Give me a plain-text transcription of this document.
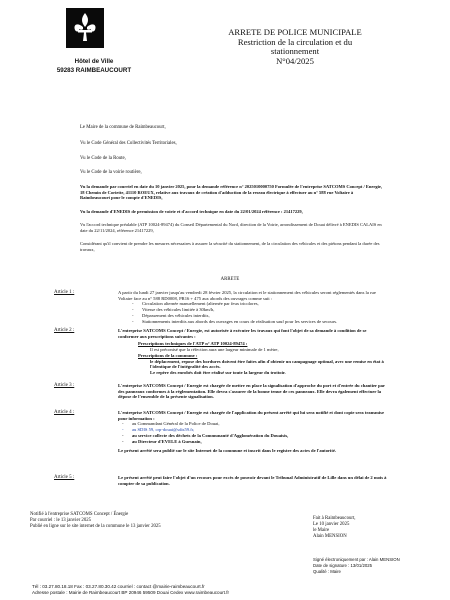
Hôtel de Ville
59283 RAIMBEAUCOURT
ARRETE DE POLICE MUNICIPALE
Restriction de la circulation et du
stationnement
N°04/2025
Le Maire de la commune de Raimbeaucourt,
Vu le Code Général des Collectivités Territoriales,
Vu le Code de la Route,
Vu le Code de la voirie routière,
Vu la demande par courriel en date du 10 janvier 2025, pour la demande référence n° 2025010000750 Formulée de l'entreprise SATCOMS Concept / Energie, 18 Chemin de Coriette, 41110 ROEUX, relative aux travaux de création d'adduction de la reseau électrique à effectuer au n° 588 rue Voltaire à Raimbeaucourt pour le compte d'ENEDIS,
Vu la demande d'ENEDIS de permission de voirie et d'accord technique en date du 22/01/2024 référence : 21417229,
Vu l'accord technique préalable (ATP 10024-89474) du Conseil Départemental du Nord, direction de la Voirie, arrondissement de Douai délivré à ENEDIS CALAIS en date du 22/11/2024, référence 21417229,
Considérant qu'il convient de prendre les mesures nécessaires à assurer la sécurité du stationnement, de la circulation des véhicules et des piétons pendant la durée des travaux,
ARRETE
Article 1 :	A partir du lundi 27 janvier jusqu'au vendredi 28 février 2025, la circulation et le stationnement des véhicules seront réglementés dans la rue Voltaire face au n° 588 RD0008, PR16 + 475 aux abords des ouvrages comme suit :
- Circulation alternée manuellement (alternée par feux tricolores,
- Vitesse des véhicules limitée à 30km/h,
- Dépassement des véhicules interdits,
- Stationnements interdits aux abords des ouvrages en cours de réalisation sauf pour les services de secours.
Article 2 :	L'entreprise SATCOMS Concept / Energie, est autorisée à exécuter les travaux qui font l'objet de sa demande à condition de se conformer aux prescriptions suivantes :
Prescriptions techniques de l'ATP n° ATP 10024-89474 :
Il est préconisé que la réfection aura une largeur minimale de 1 mètre,
Prescriptions de la commune :
le déplacement, repose des bordures doivent être faites afin d'obtenir un campagnage optimal, avec une remise en état à l'identique de l'intégralité des accès.
Le repère des enrobés doit être réalisé sur toute la largeur du trottoir.
Article 3 :	L'entreprise SATCOMS Concept / Energie est chargée de mettre en place la signalisation d'approche du port et d'entrée du chantier par des panneaux conformes à la réglementation. Elle devra s'assurer de la bonne tenue de ces panneaux. Elle devra également effectuer la dépose de l'ensemble de la présente signalisation.
Article 4 :	L'entreprise SATCOMS Concept / Energie est chargée de l'application du présent arrêté qui lui sera notifié et dont copie sera transmise pour information :
- au Commandant Général de la Police de Douai,
- au SDIS 59, crp-douai@sdis59.fr,
- au service collecte des déchets de la Communauté d'Agglomération du Douaisis,
- au Directeur d'EVELE à Guesnain,
Le présent arrêté sera publié sur le site Internet de la commune et inscrit dans le registre des actes de l'autorité.
Article 5 :	Le présent arrêté peut faire l'objet d'un recours pour excès de pouvoir devant le Tribunal Administratif de Lille dans un délai de 2 mois à compter de sa publication.
Notifié à l'entreprise SATCOMS Concept / Énergie
Par courriel : le 13 janvier 2025
Publié en ligne sur le site internet de la commune le 13 janvier 2025
Fait à Raimbeaucourt,
Le 10 janvier 2025
le Maire
Alain MENSION
Signé électroniquement par : Alain MENSION
Date de signature : 13/01/2025
Qualité : Maire
Tél : 03.27.80.18.18 Fax : 03.27.80.30.42 courriel : contact @mairie-raimbeaucourt.fr
Adresse postale : Mairie de Raimbeaucourt BP 20946 59509 Douai Cedex www.raimbeaucourt.fr
